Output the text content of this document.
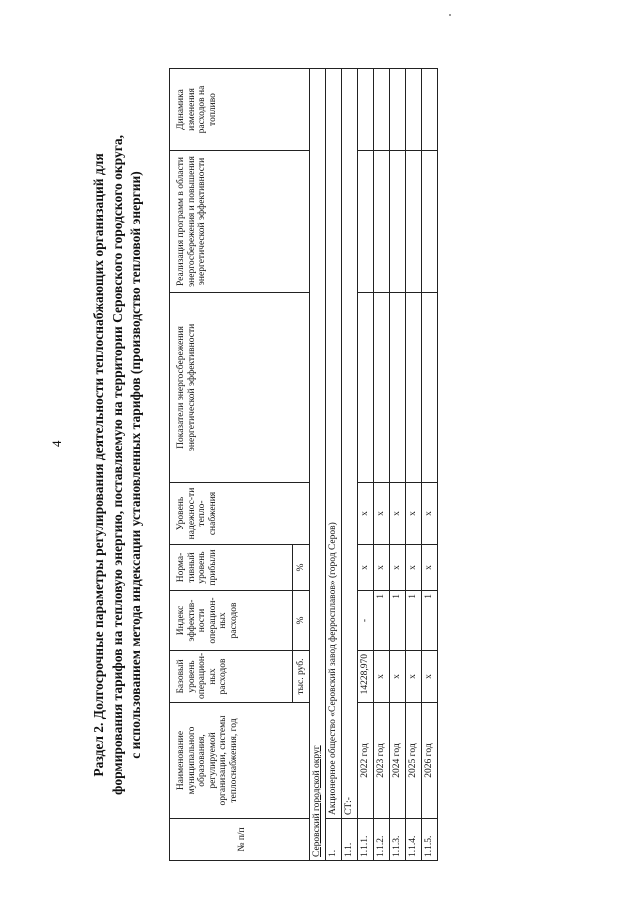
4 Раздел 2. Долгосрочные параметры регулирования деятельности теплоснабжающих организаций для формирования тарифов на тепловую энергию, поставляемую на территории Серовского городского округа, с использованием метода индексации установленных тарифов (производство тепловой энергии)
№ п/п	Наименование муниципального образования, регулируемой организации, системы теплоснабжения, год	Базовый уровень операцион-ных расходов	Индекс эффектив-ности операцион-ных расходов	Норма-тивный уровень прибыли	Уровень надежнос-ти тепло-снабжения	Показатели энергосбережения энергетической эффективности	Реализация программ в области энергосбережения и повышения энергетической эффективности	Динамика изменения расходов на топливо
		тыс. руб.	%	%				
Серовский городской округ								
1.	Акционерное общество «Серовский завод ферросплавов» (город Серов)							
1.1.	СТ:-							
1.1.1.	2022 год	14228,970	-	x	x			
1.1.2.	2023 год	x	1	x	x			
1.1.3.	2024 год	x	1	x	x			
1.1.4.	2025 год	x	1	x	x			
1.1.5.	2026 год	x	1	x	x			
